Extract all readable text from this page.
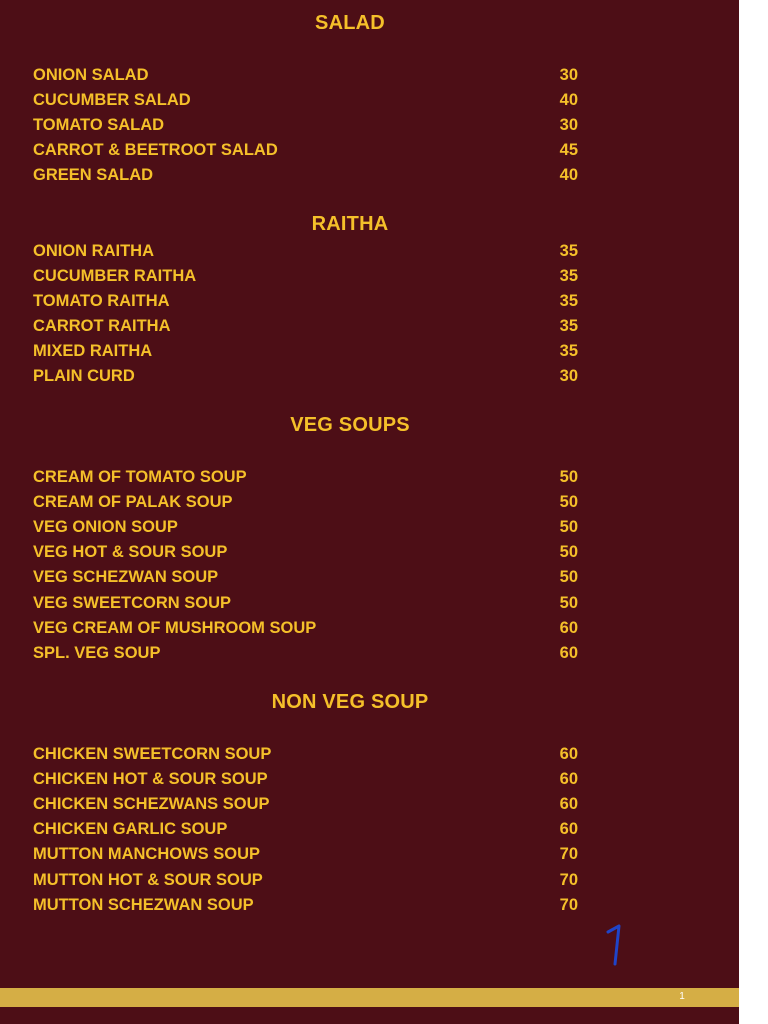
SALAD
ONION SALAD	30
CUCUMBER SALAD	40
TOMATO SALAD	30
CARROT & BEETROOT SALAD	45
GREEN SALAD	40
RAITHA
ONION RAITHA	35
CUCUMBER RAITHA	35
TOMATO RAITHA	35
CARROT RAITHA	35
MIXED RAITHA	35
PLAIN CURD	30
VEG SOUPS
CREAM OF TOMATO SOUP	50
CREAM OF PALAK SOUP	50
VEG ONION SOUP	50
VEG HOT & SOUR SOUP	50
VEG SCHEZWAN SOUP	50
VEG SWEETCORN SOUP	50
VEG CREAM OF MUSHROOM SOUP	60
SPL. VEG SOUP	60
NON VEG SOUP
CHICKEN SWEETCORN SOUP	60
CHICKEN HOT & SOUR SOUP	60
CHICKEN SCHEZWANS SOUP	60
CHICKEN GARLIC SOUP	60
MUTTON MANCHOWS SOUP	70
MUTTON HOT & SOUR SOUP	70
MUTTON SCHEZWAN SOUP	70
1
